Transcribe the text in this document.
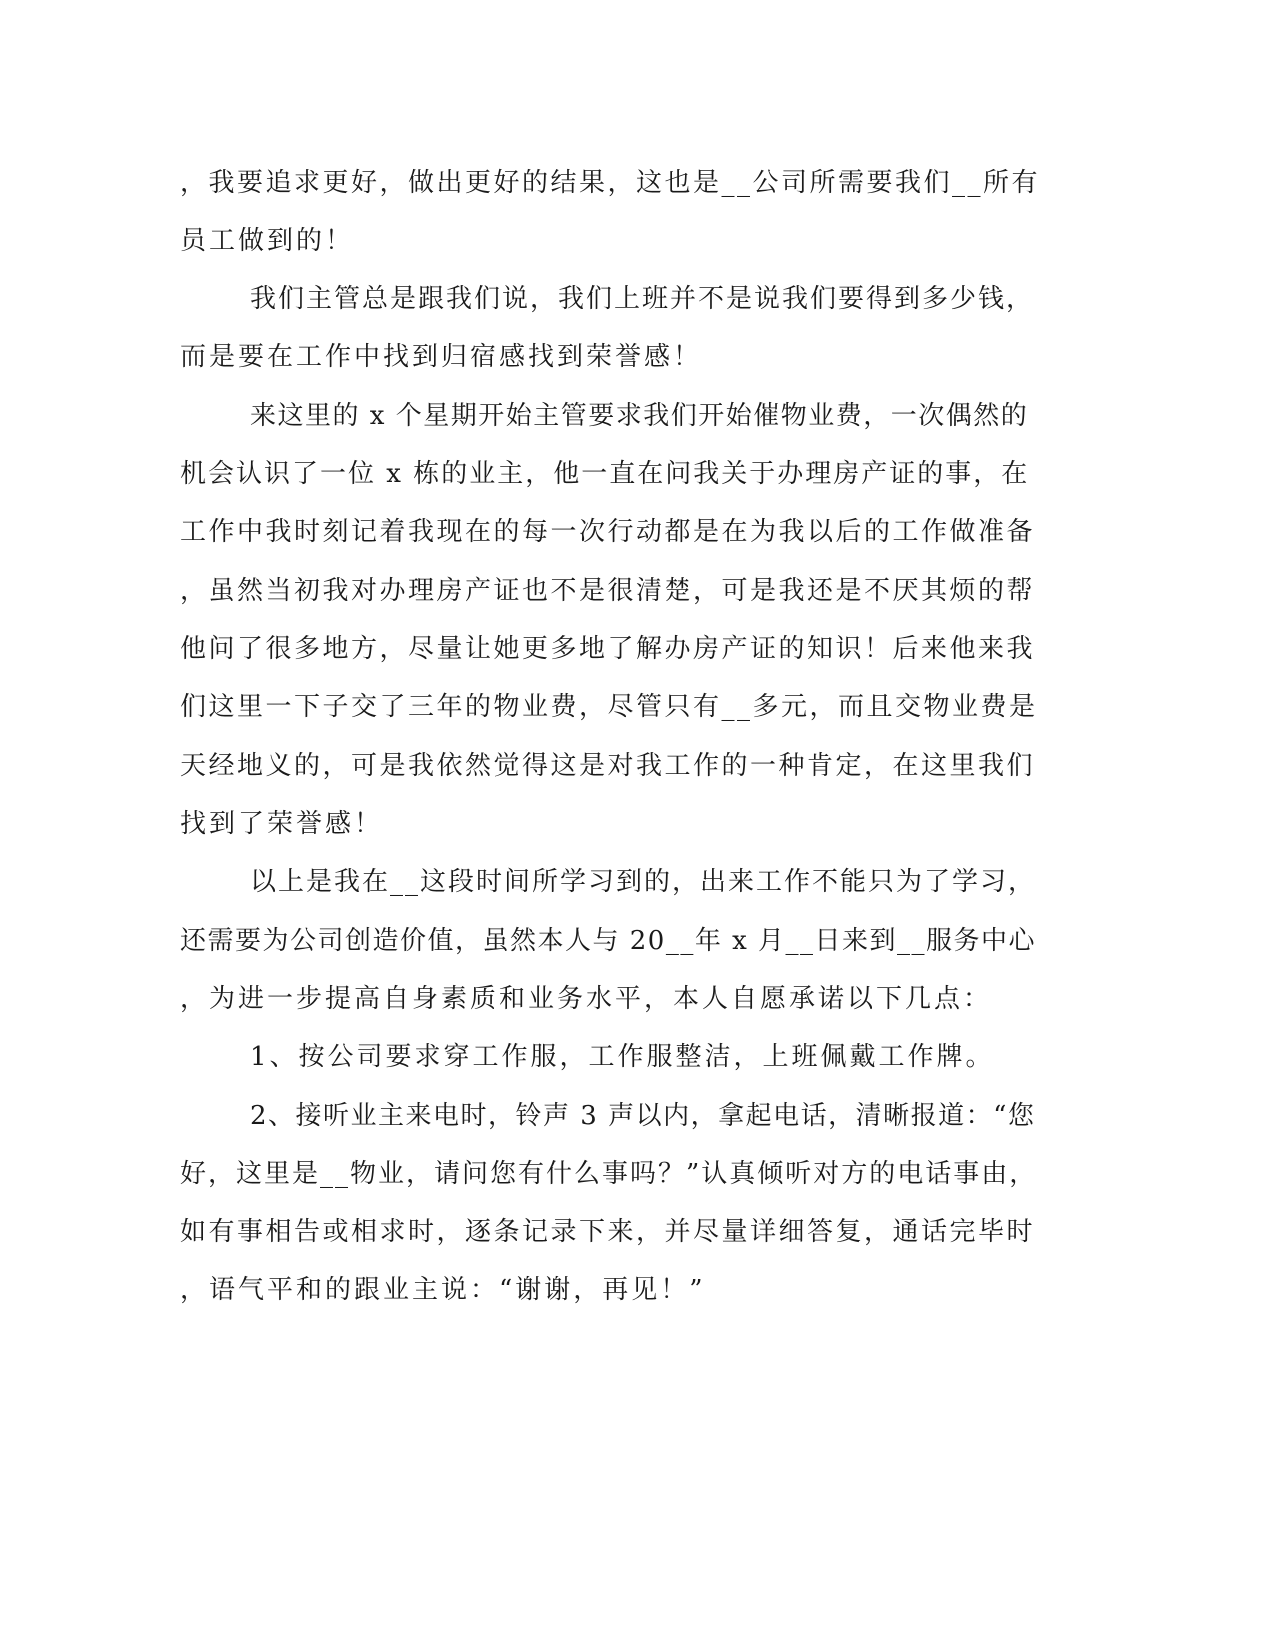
，我要追求更好，做出更好的结果，这也是__公司所需要我们__所有
员工做到的！
我们主管总是跟我们说，我们上班并不是说我们要得到多少钱，
而是要在工作中找到归宿感找到荣誉感！
来这里的 x 个星期开始主管要求我们开始催物业费，一次偶然的
机会认识了一位 x 栋的业主，他一直在问我关于办理房产证的事，在
工作中我时刻记着我现在的每一次行动都是在为我以后的工作做准备
，虽然当初我对办理房产证也不是很清楚，可是我还是不厌其烦的帮
他问了很多地方，尽量让她更多地了解办房产证的知识！后来他来我
们这里一下子交了三年的物业费，尽管只有__多元，而且交物业费是
天经地义的，可是我依然觉得这是对我工作的一种肯定，在这里我们
找到了荣誉感！
以上是我在__这段时间所学习到的，出来工作不能只为了学习，
还需要为公司创造价值，虽然本人与 20__年 x 月__日来到__服务中心
，为进一步提高自身素质和业务水平，本人自愿承诺以下几点：
1、按公司要求穿工作服，工作服整洁，上班佩戴工作牌。
2、接听业主来电时，铃声 3 声以内，拿起电话，清晰报道：“您
好，这里是__物业，请问您有什么事吗？”认真倾听对方的电话事由，
如有事相告或相求时，逐条记录下来，并尽量详细答复，通话完毕时
，语气平和的跟业主说：“谢谢，再见！”
